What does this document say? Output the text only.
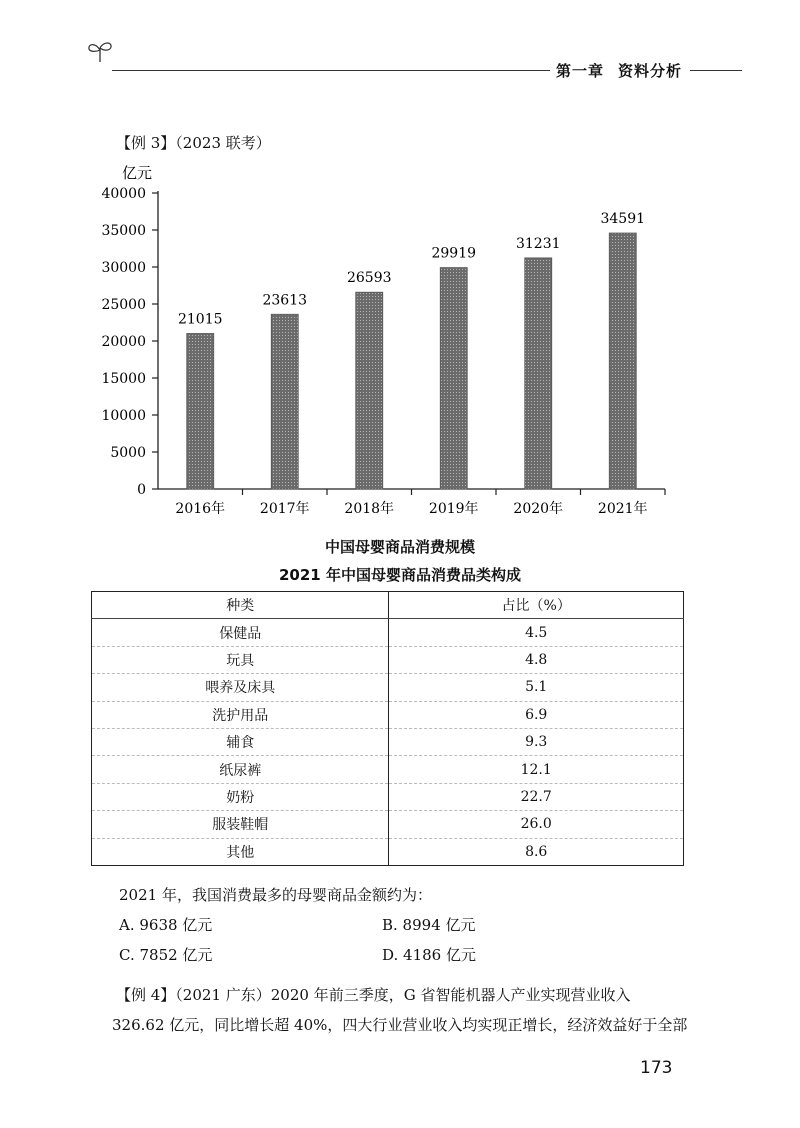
第一章 资料分析
【例 3】（2023 联考）
亿元
0
5000
10000
15000
20000
25000
30000
35000
40000
21015
2016年
23613
2017年
26593
2018年
29919
2019年
31231
2020年
34591
2021年
中国母婴商品消费规模
2021 年中国母婴商品消费品类构成
种类	占比（%）
保健品	4.5
玩具	4.8
喂养及床具	5.1
洗护用品	6.9
辅食	9.3
纸尿裤	12.1
奶粉	22.7
服装鞋帽	26.0
其他	8.6
2021 年，我国消费最多的母婴商品金额约为：
A. 9638 亿元	B. 8994 亿元
C. 7852 亿元	D. 4186 亿元
【例 4】（2021 广东）2020 年前三季度，G 省智能机器人产业实现营业收入
326.62 亿元，同比增长超 40%，四大行业营业收入均实现正增长，经济效益好于全部
173
